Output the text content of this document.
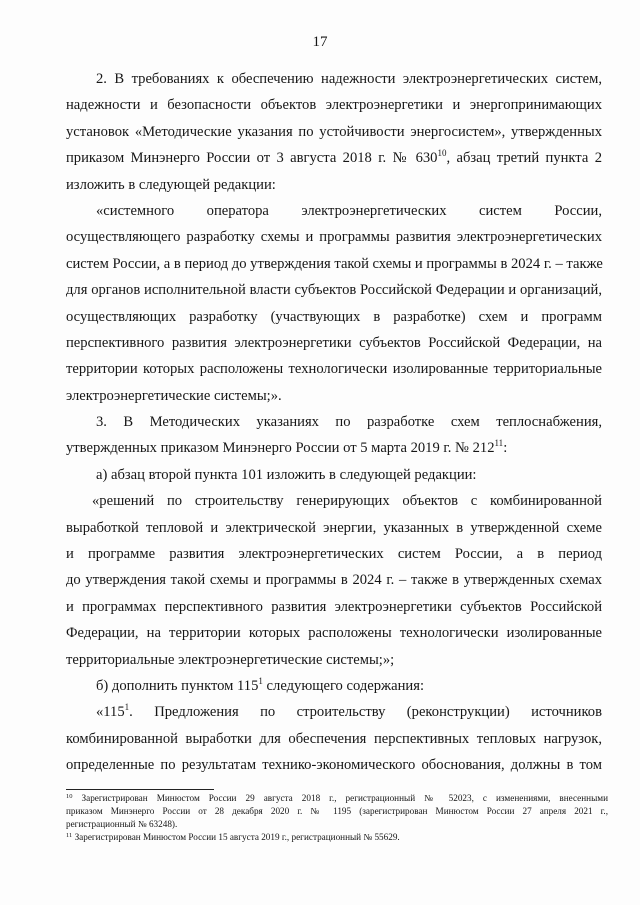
17
2. В требованиях к обеспечению надежности электроэнергетических систем,
надежности и безопасности объектов электроэнергетики и энергопринимающих
установок «Методические указания по устойчивости энергосистем», утвержденных
приказом Минэнерго России от 3 августа 2018 г. № $630^{10}$, абзац третий пункта 2
изложить в следующей редакции:
«системного оператора электроэнергетических систем России,
осуществляющего разработку схемы и программы развития электроэнергетических
систем России, а в период до утверждения такой схемы и программы в 2024 г. – также
для органов исполнительной власти субъектов Российской Федерации и организаций,
осуществляющих разработку (участвующих в разработке) схем и программ
перспективного развития электроэнергетики субъектов Российской Федерации, на
территории которых расположены технологически изолированные территориальные
электроэнергетические системы;».
3. В Методических указаниях по разработке схем теплоснабжения,
утвержденных приказом Минэнерго России от 5 марта 2019 г. № $212^{11}$:
а) абзац второй пункта 101 изложить в следующей редакции:
«решений по строительству генерирующих объектов с комбинированной
выработкой тепловой и электрической энергии, указанных в утвержденной схеме
и программе развития электроэнергетических систем России, а в период
до утверждения такой схемы и программы в 2024 г. – также в утвержденных схемах
и программах перспективного развития электроэнергетики субъектов Российской
Федерации, на территории которых расположены технологически изолированные
территориальные электроэнергетические системы;»;
б) дополнить пунктом $115^1$ следующего содержания:
«$115^1$. Предложения по строительству (реконструкции) источников
комбинированной выработки для обеспечения перспективных тепловых нагрузок,
определенные по результатам технико-экономического обоснования, должны в том
$^{10}$ Зарегистрирован Минюстом России 29 августа 2018 г., регистрационный № 52023, с изменениями, внесенными
приказом Минэнерго России от 28 декабря 2020 г. № 1195 (зарегистрирован Минюстом России 27 апреля 2021 г.,
регистрационный № 63248).
$^{11}$ Зарегистрирован Минюстом России 15 августа 2019 г., регистрационный № 55629.
